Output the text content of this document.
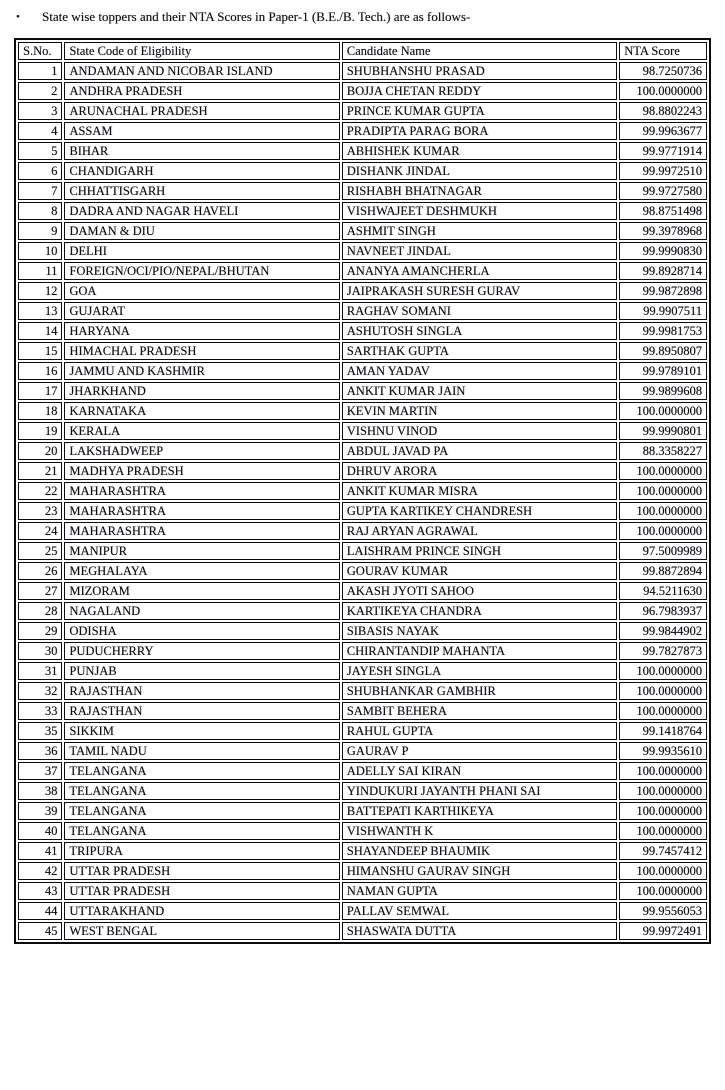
•	State wise toppers and their NTA Scores in Paper-1 (B.E./B. Tech.) are as follows-
S.No.	State Code of Eligibility	Candidate Name	NTA Score
1	ANDAMAN AND NICOBAR ISLAND	SHUBHANSHU PRASAD	98.7250736
2	ANDHRA PRADESH	BOJJA CHETAN REDDY	100.0000000
3	ARUNACHAL PRADESH	PRINCE KUMAR GUPTA	98.8802243
4	ASSAM	PRADIPTA PARAG BORA	99.9963677
5	BIHAR	ABHISHEK KUMAR	99.9771914
6	CHANDIGARH	DISHANK JINDAL	99.9972510
7	CHHATTISGARH	RISHABH BHATNAGAR	99.9727580
8	DADRA AND NAGAR HAVELI	VISHWAJEET DESHMUKH	98.8751498
9	DAMAN & DIU	ASHMIT SINGH	99.3978968
10	DELHI	NAVNEET JINDAL	99.9990830
11	FOREIGN/OCI/PIO/NEPAL/BHUTAN	ANANYA AMANCHERLA	99.8928714
12	GOA	JAIPRAKASH SURESH GURAV	99.9872898
13	GUJARAT	RAGHAV SOMANI	99.9907511
14	HARYANA	ASHUTOSH SINGLA	99.9981753
15	HIMACHAL PRADESH	SARTHAK GUPTA	99.8950807
16	JAMMU AND KASHMIR	AMAN YADAV	99.9789101
17	JHARKHAND	ANKIT KUMAR JAIN	99.9899608
18	KARNATAKA	KEVIN MARTIN	100.0000000
19	KERALA	VISHNU VINOD	99.9990801
20	LAKSHADWEEP	ABDUL JAVAD PA	88.3358227
21	MADHYA PRADESH	DHRUV ARORA	100.0000000
22	MAHARASHTRA	ANKIT KUMAR MISRA	100.0000000
23	MAHARASHTRA	GUPTA KARTIKEY CHANDRESH	100.0000000
24	MAHARASHTRA	RAJ ARYAN AGRAWAL	100.0000000
25	MANIPUR	LAISHRAM PRINCE SINGH	97.5009989
26	MEGHALAYA	GOURAV KUMAR	99.8872894
27	MIZORAM	AKASH JYOTI SAHOO	94.5211630
28	NAGALAND	KARTIKEYA CHANDRA	96.7983937
29	ODISHA	SIBASIS NAYAK	99.9844902
30	PUDUCHERRY	CHIRANTANDIP MAHANTA	99.7827873
31	PUNJAB	JAYESH SINGLA	100.0000000
32	RAJASTHAN	SHUBHANKAR GAMBHIR	100.0000000
33	RAJASTHAN	SAMBIT BEHERA	100.0000000
35	SIKKIM	RAHUL GUPTA	99.1418764
36	TAMIL NADU	GAURAV P	99.9935610
37	TELANGANA	ADELLY SAI KIRAN	100.0000000
38	TELANGANA	YINDUKURI JAYANTH PHANI SAI	100.0000000
39	TELANGANA	BATTEPATI KARTHIKEYA	100.0000000
40	TELANGANA	VISHWANTH K	100.0000000
41	TRIPURA	SHAYANDEEP BHAUMIK	99.7457412
42	UTTAR PRADESH	HIMANSHU GAURAV SINGH	100.0000000
43	UTTAR PRADESH	NAMAN GUPTA	100.0000000
44	UTTARAKHAND	PALLAV SEMWAL	99.9556053
45	WEST BENGAL	SHASWATA DUTTA	99.9972491
